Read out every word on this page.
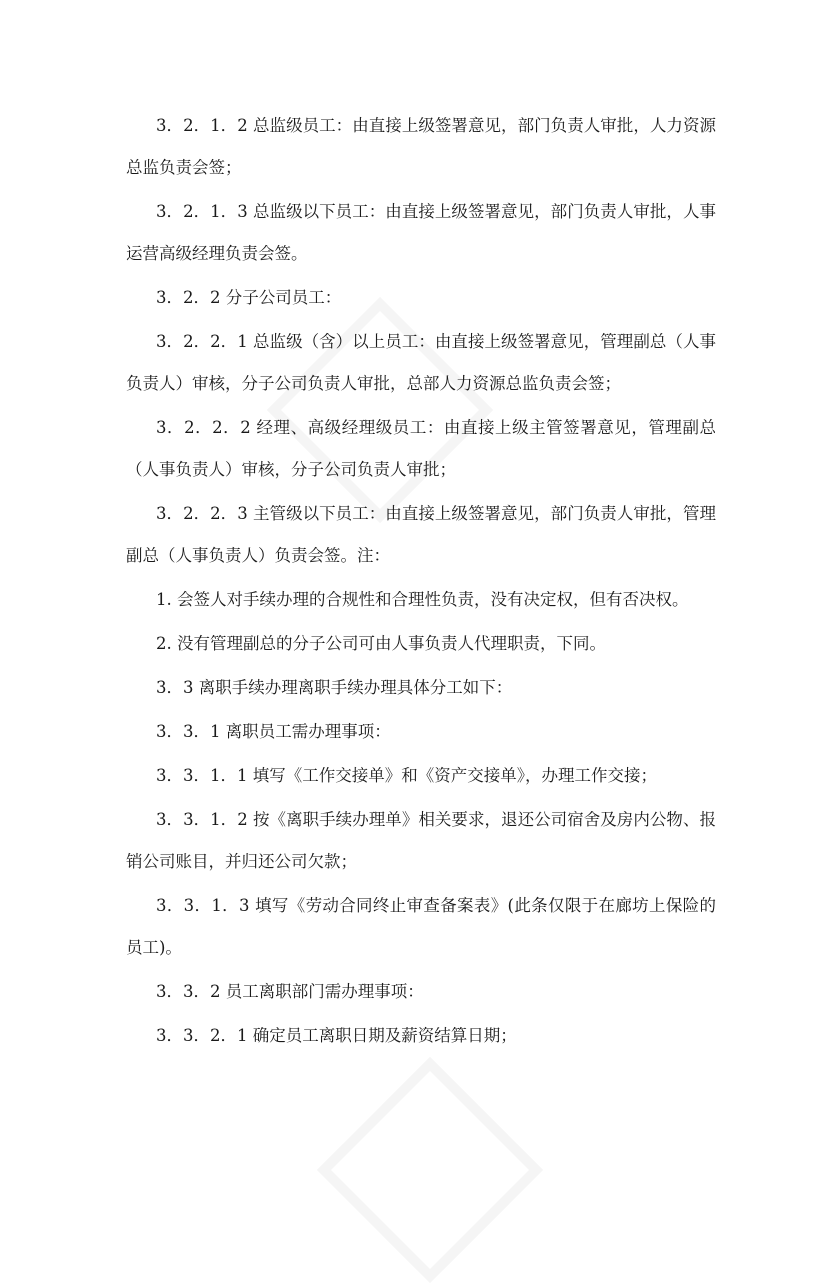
3．2．1．2 总监级员工：由直接上级签署意见，部门负责人审批，人力资源总监负责会签；

3．2．1．3 总监级以下员工：由直接上级签署意见，部门负责人审批，人事运营高级经理负责会签。

3．2．2 分子公司员工：

3．2．2．1 总监级（含）以上员工：由直接上级签署意见，管理副总（人事负责人）审核，分子公司负责人审批，总部人力资源总监负责会签；

3．2．2．2 经理、高级经理级员工：由直接上级主管签署意见，管理副总（人事负责人）审核，分子公司负责人审批；

3．2．2．3 主管级以下员工：由直接上级签署意见，部门负责人审批，管理副总（人事负责人）负责会签。注：

1. 会签人对手续办理的合规性和合理性负责，没有决定权，但有否决权。

2. 没有管理副总的分子公司可由人事负责人代理职责，下同。

3．3 离职手续办理离职手续办理具体分工如下：

3．3．1 离职员工需办理事项：

3．3．1．1 填写《工作交接单》和《资产交接单》，办理工作交接；

3．3．1．2 按《离职手续办理单》相关要求，退还公司宿舍及房内公物、报销公司账目，并归还公司欠款；

3．3．1．3 填写《劳动合同终止审查备案表》(此条仅限于在廊坊上保险的员工)。

3．3．2 员工离职部门需办理事项：

3．3．2．1 确定员工离职日期及薪资结算日期；
